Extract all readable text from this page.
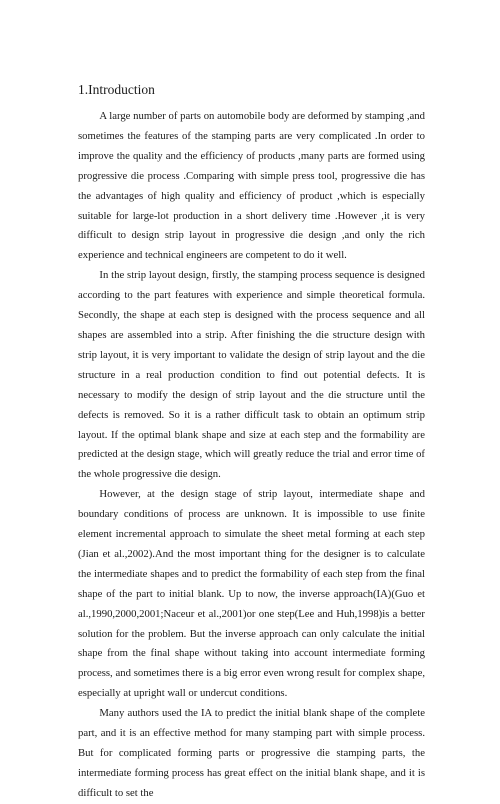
1.Introduction

A large number of parts on automobile body are deformed by stamping ,and sometimes the features of the stamping parts are very complicated .In order to improve the quality and the efficiency of products ,many parts are formed using progressive die process .Comparing with simple press tool, progressive die has the advantages of high quality and efficiency of product ,which is especially suitable for large-lot production in a short delivery time .However ,it is very difficult to design strip layout in progressive die design ,and only the rich experience and technical engineers are competent to do it well.

In the strip layout design, firstly, the stamping process sequence is designed according to the part features with experience and simple theoretical formula. Secondly, the shape at each step is designed with the process sequence and all shapes are assembled into a strip. After finishing the die structure design with strip layout, it is very important to validate the design of strip layout and the die structure in a real production condition to find out potential defects. It is necessary to modify the design of strip layout and the die structure until the defects is removed. So it is a rather difficult task to obtain an optimum strip layout. If the optimal blank shape and size at each step and the formability are predicted at the design stage, which will greatly reduce the trial and error time of the whole progressive die design.

However, at the design stage of strip layout, intermediate shape and boundary conditions of process are unknown. It is impossible to use finite element incremental approach to simulate the sheet metal forming at each step (Jian et al.,2002).And the most important thing for the designer is to calculate the intermediate shapes and to predict the formability of each step from the final shape of the part to initial blank. Up to now, the inverse approach(IA)(Guo et al.,1990,2000,2001;Naceur et al.,2001)or one step(Lee and Huh,1998)is a better solution for the problem. But the inverse approach can only calculate the initial shape from the final shape without taking into account intermediate forming process, and sometimes there is a big error even wrong result for complex shape, especially at upright wall or undercut conditions.

Many authors used the IA to predict the initial blank shape of the complete part, and it is an effective method for many stamping part with simple process. But for complicated forming parts or progressive die stamping parts, the intermediate forming process has great effect on the initial blank shape, and it is difficult to set the
